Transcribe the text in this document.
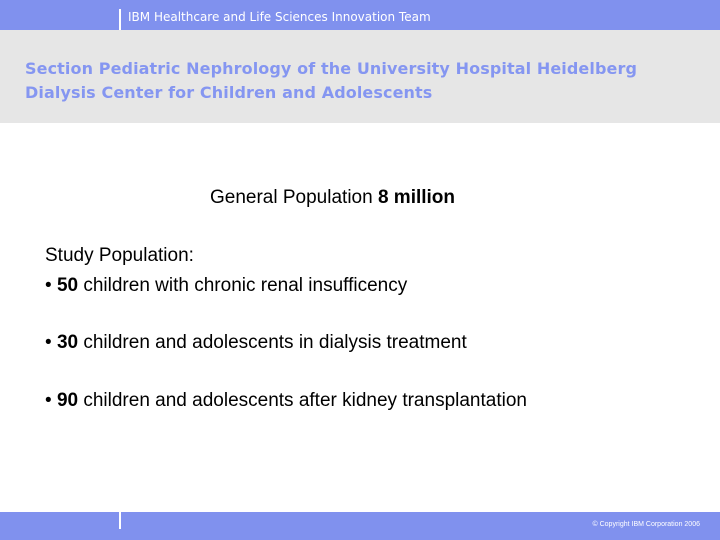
IBM Healthcare and Life Sciences Innovation Team
Section Pediatric Nephrology of the University Hospital Heidelberg
Dialysis Center for Children and Adolescents
General Population 8 million
Study Population:
• 50 children with chronic renal insufficency
• 30 children and adolescents in dialysis treatment
• 90 children and adolescents after kidney transplantation
© Copyright IBM Corporation 2006
